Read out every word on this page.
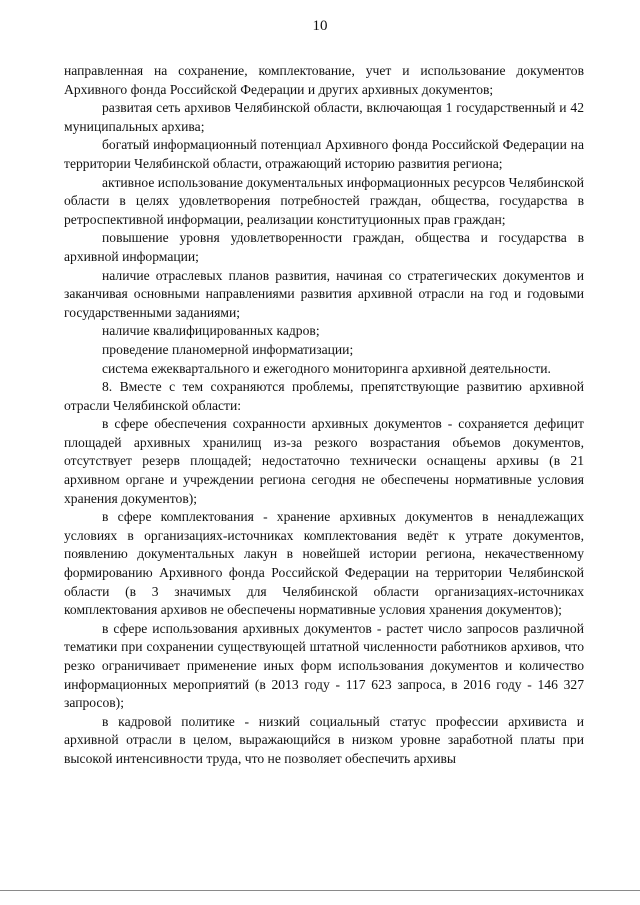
10

направленная на сохранение, комплектование, учет и использование документов Архивного фонда Российской Федерации и других архивных документов;

развитая сеть архивов Челябинской области, включающая 1 государственный и 42 муниципальных архива;

богатый информационный потенциал Архивного фонда Российской Федерации на территории Челябинской области, отражающий историю развития региона;

активное использование документальных информационных ресурсов Челябинской области в целях удовлетворения потребностей граждан, общества, государства в ретроспективной информации, реализации конституционных прав граждан;

повышение уровня удовлетворенности граждан, общества и государства в архивной информации;

наличие отраслевых планов развития, начиная со стратегических документов и заканчивая основными направлениями развития архивной отрасли на год и годовыми государственными заданиями;

наличие квалифицированных кадров;

проведение планомерной информатизации;

система ежеквартального и ежегодного мониторинга архивной деятельности.

8. Вместе с тем сохраняются проблемы, препятствующие развитию архивной отрасли Челябинской области:

в сфере обеспечения сохранности архивных документов - сохраняется дефицит площадей архивных хранилищ из-за резкого возрастания объемов документов, отсутствует резерв площадей; недостаточно технически оснащены архивы (в 21 архивном органе и учреждении региона сегодня не обеспечены нормативные условия хранения документов);

в сфере комплектования - хранение архивных документов в ненадлежащих условиях в организациях-источниках комплектования ведёт к утрате документов, появлению документальных лакун в новейшей истории региона, некачественному формированию Архивного фонда Российской Федерации на территории Челябинской области (в 3 значимых для Челябинской области организациях-источниках комплектования архивов не обеспечены нормативные условия хранения документов);

в сфере использования архивных документов - растет число запросов различной тематики при сохранении существующей штатной численности работников архивов, что резко ограничивает применение иных форм использования документов и количество информационных мероприятий (в 2013 году - 117 623 запроса, в 2016 году - 146 327 запросов);

в кадровой политике - низкий социальный статус профессии архивиста и архивной отрасли в целом, выражающийся в низком уровне заработной платы при высокой интенсивности труда, что не позволяет обеспечить архивы
